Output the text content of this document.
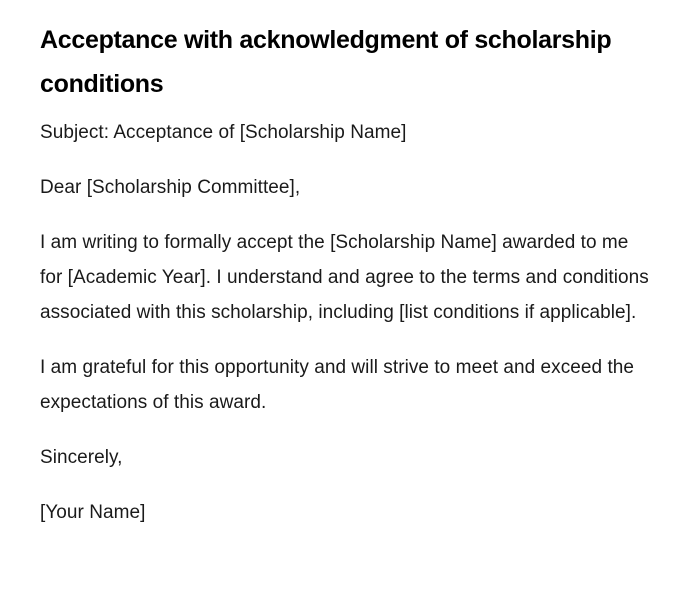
Acceptance with acknowledgment of scholarship conditions

Subject: Acceptance of [Scholarship Name]

Dear [Scholarship Committee],

I am writing to formally accept the [Scholarship Name] awarded to me for [Academic Year]. I understand and agree to the terms and conditions associated with this scholarship, including [list conditions if applicable].

I am grateful for this opportunity and will strive to meet and exceed the expectations of this award.

Sincerely,

[Your Name]
